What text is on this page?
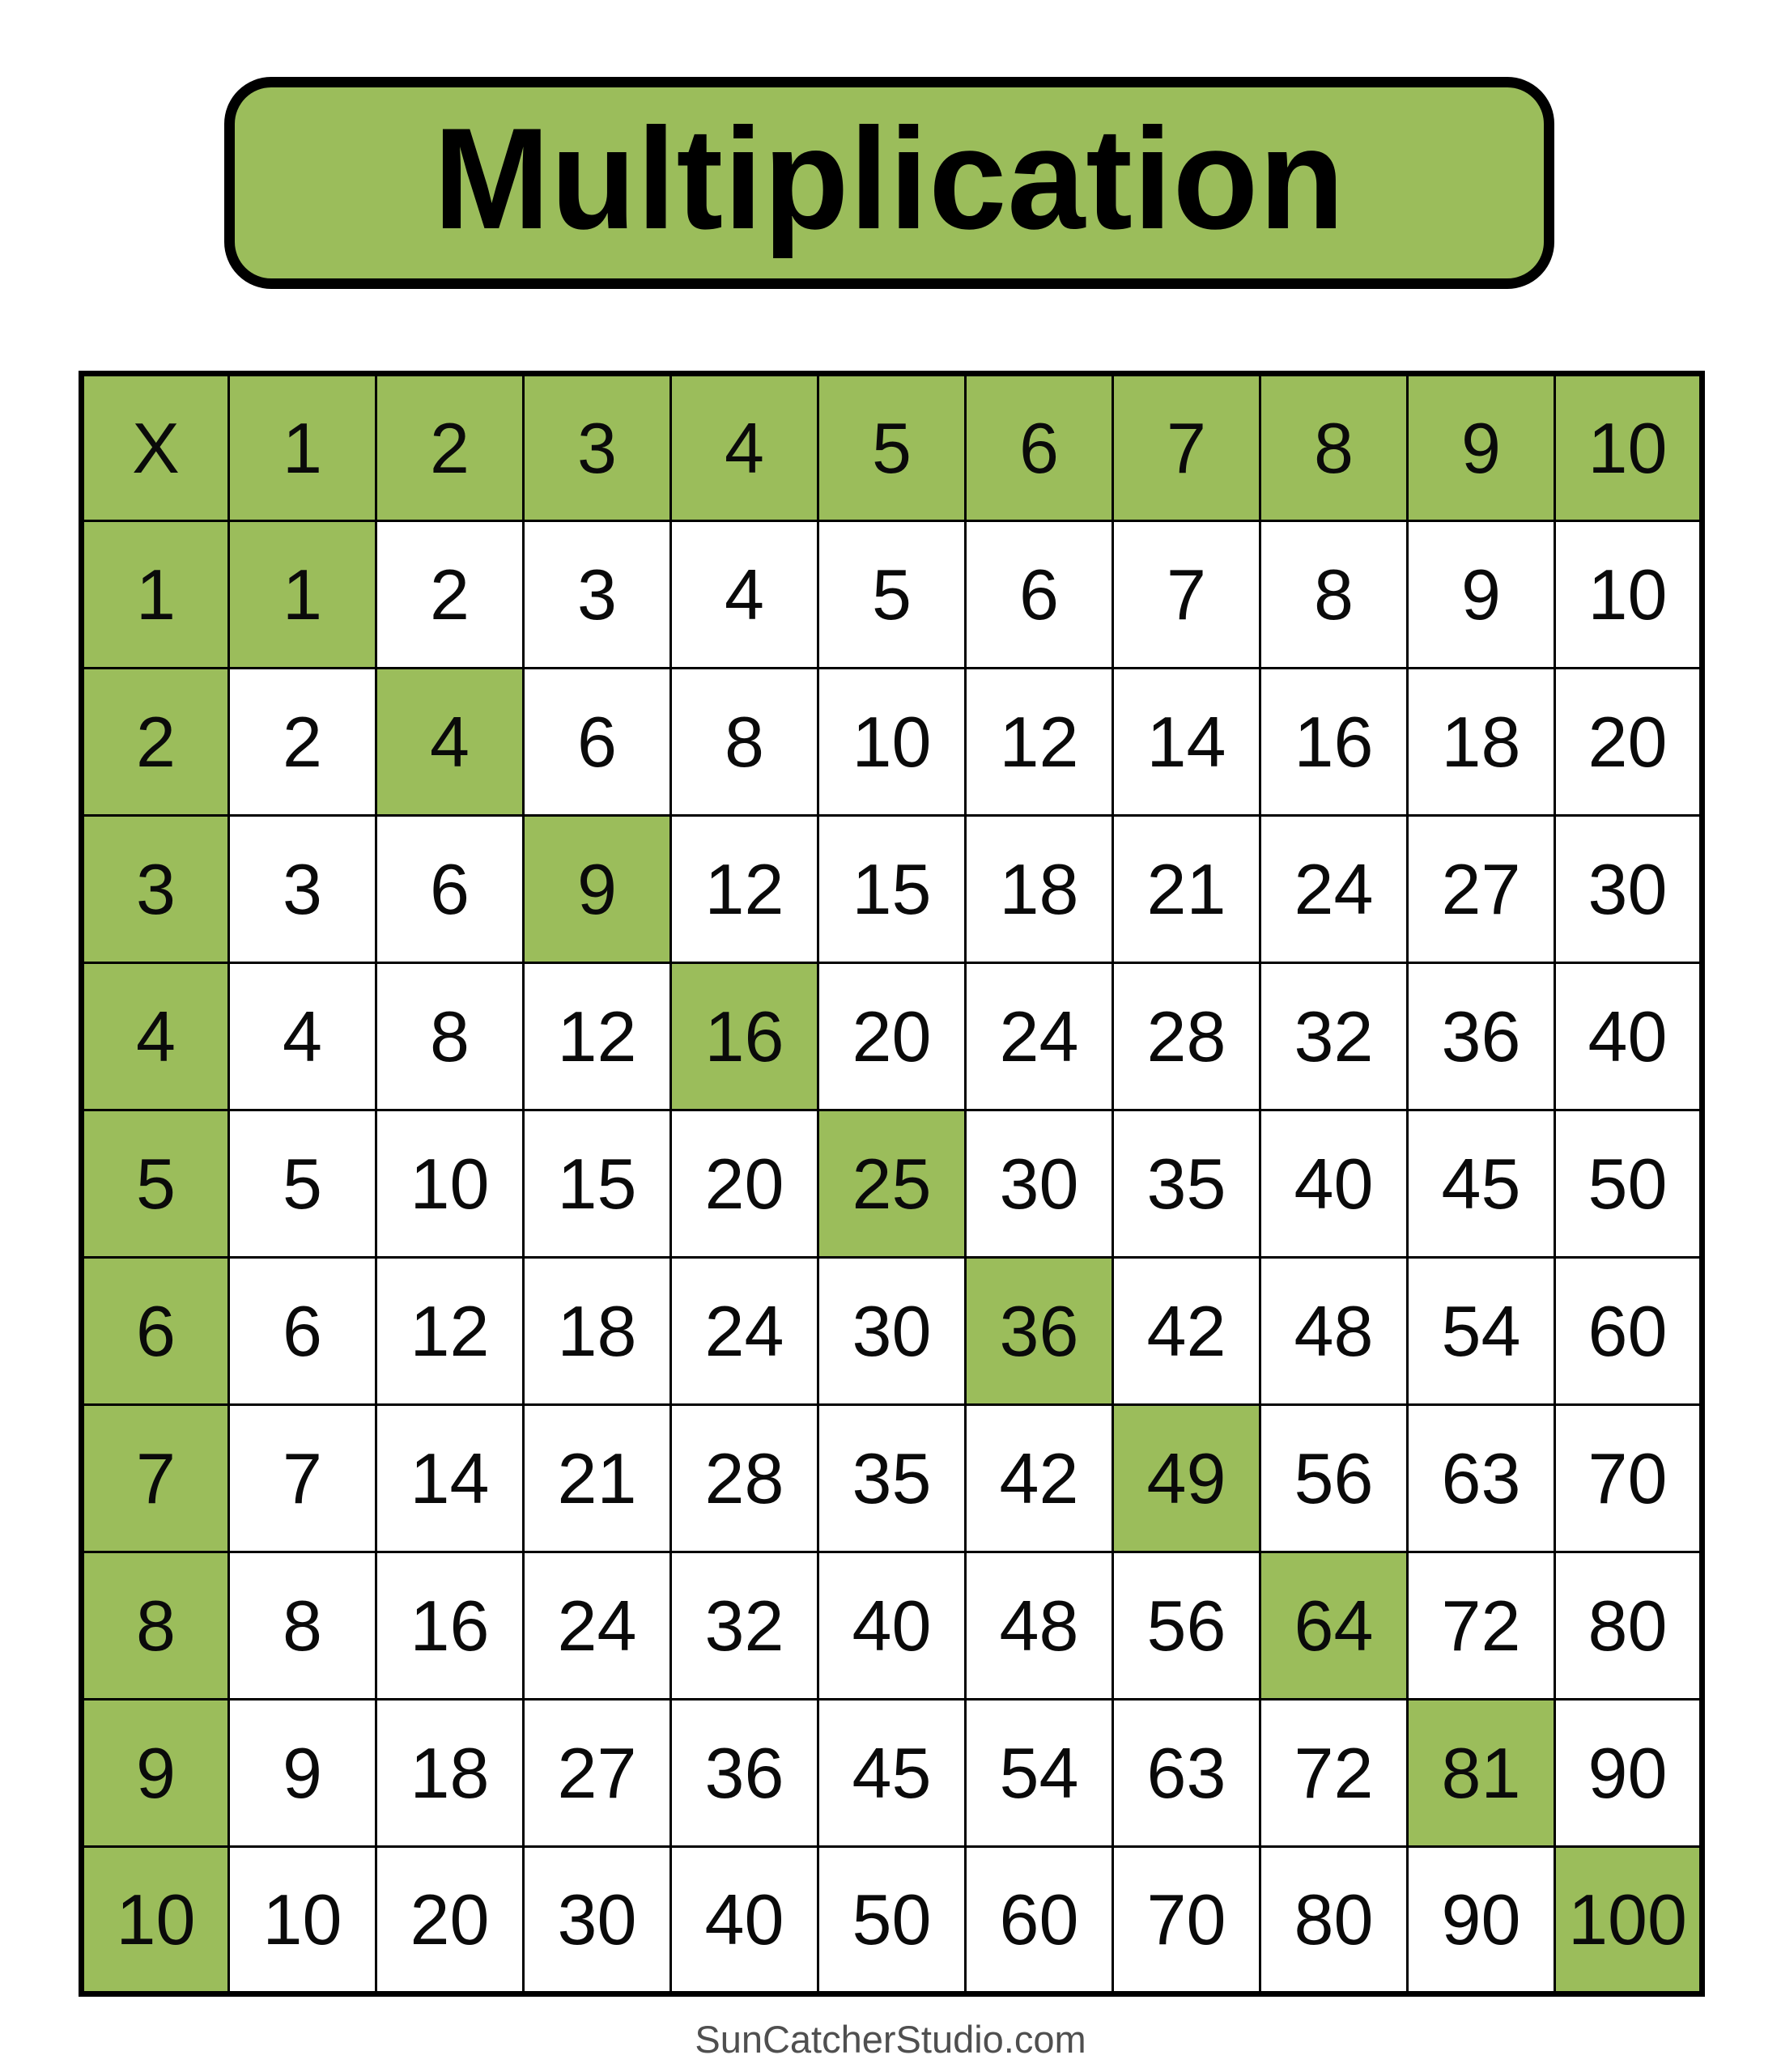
Multiplication
X	1	2	3	4	5	6	7	8	9	10
1	1	2	3	4	5	6	7	8	9	10
2	2	4	6	8	10	12	14	16	18	20
3	3	6	9	12	15	18	21	24	27	30
4	4	8	12	16	20	24	28	32	36	40
5	5	10	15	20	25	30	35	40	45	50
6	6	12	18	24	30	36	42	48	54	60
7	7	14	21	28	35	42	49	56	63	70
8	8	16	24	32	40	48	56	64	72	80
9	9	18	27	36	45	54	63	72	81	90
10	10	20	30	40	50	60	70	80	90	100
SunCatcherStudio.com
